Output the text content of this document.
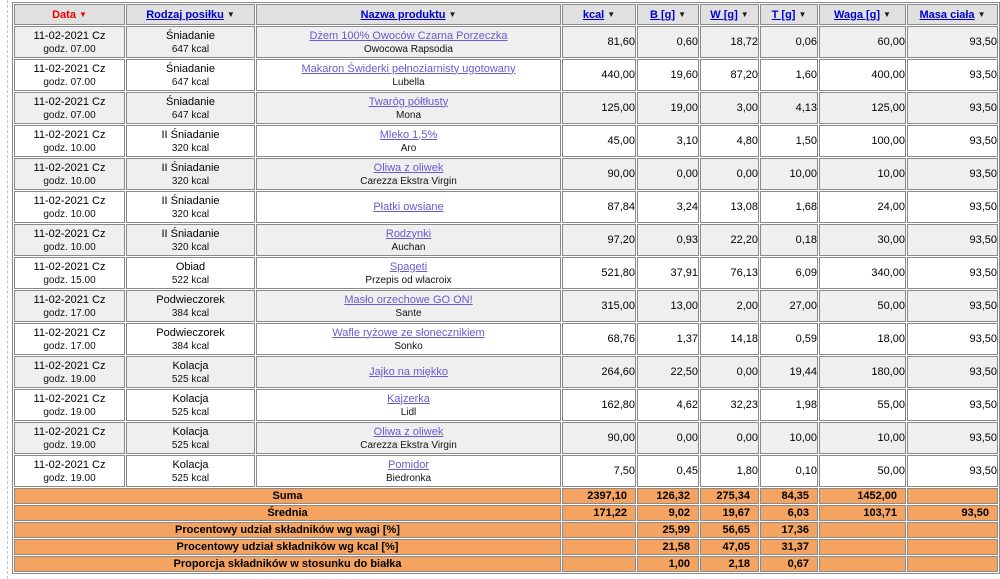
Data ▼	Rodzaj posiłku ▼	Nazwa produktu ▼	kcal ▼	B [g] ▼	W [g] ▼	T [g] ▼	Waga [g] ▼	Masa ciała ▼

11-02-2021 Cz
godz. 07.00

Śniadanie
647 kcal

Dżem 100% Owoców Czarna Porzeczka
Owocowa Rapsodia
	81,60	0,60	18,72	0,06	60,00	93,50

11-02-2021 Cz
godz. 07.00

Śniadanie
647 kcal

Makaron Świderki pełnoziarnisty ugotowany
Lubella
	440,00	19,60	87,20	1,60	400,00	93,50

11-02-2021 Cz
godz. 07.00

Śniadanie
647 kcal

Twaróg półtłusty
Mona
	125,00	19,00	3,00	4,13	125,00	93,50

11-02-2021 Cz
godz. 10.00

II Śniadanie
320 kcal

Mleko 1,5%
Aro
	45,00	3,10	4,80	1,50	100,00	93,50

11-02-2021 Cz
godz. 10.00

II Śniadanie
320 kcal

Oliwa z oliwek
Carezza Ekstra Virgin
	90,00	0,00	0,00	10,00	10,00	93,50

11-02-2021 Cz
godz. 10.00

II Śniadanie
320 kcal

Płatki owsiane	87,84	3,24	13,08	1,68	24,00	93,50

11-02-2021 Cz
godz. 10.00

II Śniadanie
320 kcal

Rodzynki
Auchan
	97,20	0,93	22,20	0,18	30,00	93,50

11-02-2021 Cz
godz. 15.00

Obiad
522 kcal

Spageti
Przepis od wlacroix
	521,80	37,91	76,13	6,09	340,00	93,50

11-02-2021 Cz
godz. 17.00

Podwieczorek
384 kcal

Masło orzechowe GO ON!
Sante
	315,00	13,00	2,00	27,00	50,00	93,50

11-02-2021 Cz
godz. 17.00

Podwieczorek
384 kcal

Wafle ryżowe ze słonecznikiem
Sonko
	68,76	1,37	14,18	0,59	18,00	93,50

11-02-2021 Cz
godz. 19.00

Kolacja
525 kcal

Jajko na miękko	264,60	22,50	0,00	19,44	180,00	93,50

11-02-2021 Cz
godz. 19.00

Kolacja
525 kcal

Kajzerka
Lidl
	162,80	4,62	32,23	1,98	55,00	93,50

11-02-2021 Cz
godz. 19.00

Kolacja
525 kcal

Oliwa z oliwek
Carezza Ekstra Virgin
	90,00	0,00	0,00	10,00	10,00	93,50

11-02-2021 Cz
godz. 19.00

Kolacja
525 kcal

Pomidor
Biedronka
	7,50	0,45	1,80	0,10	50,00	93,50
Suma			2397,10	126,32	275,34	84,35	1452,00	
Średnia			171,22	9,02	19,67	6,03	103,71	93,50
Procentowy udział składników wg wagi [%]				25,99	56,65	17,36		
Procentowy udział składników wg kcal [%]				21,58	47,05	31,37		
Proporcja składników w stosunku do białka				1,00	2,18	0,67		
